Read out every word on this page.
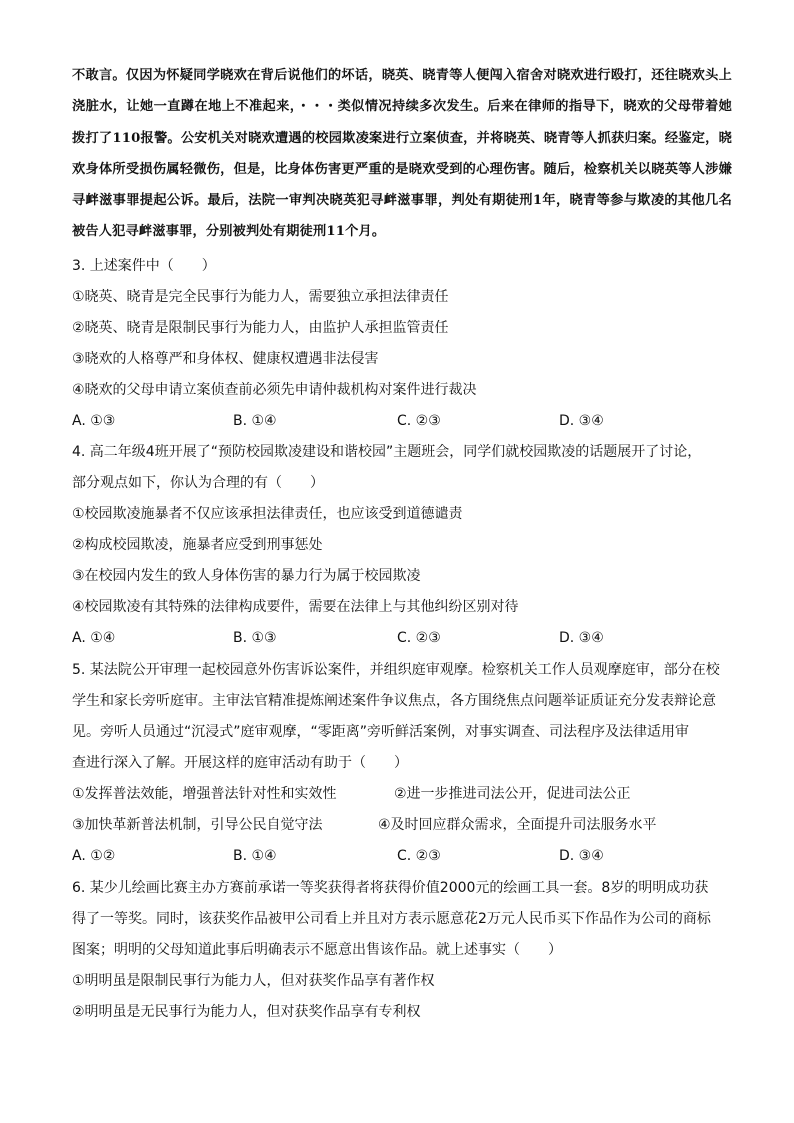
不敢言。仅因为怀疑同学晓欢在背后说他们的坏话，晓英、晓青等人便闯入宿舍对晓欢进行殴打，还往晓欢头上浇脏水，让她一直蹲在地上不准起来，・・・类似情况持续多次发生。后来在律师的指导下，晓欢的父母带着她拨打了110报警。公安机关对晓欢遭遇的校园欺凌案进行立案侦查，并将晓英、晓青等人抓获归案。经鉴定，晓欢身体所受损伤属轻微伤，但是，比身体伤害更严重的是晓欢受到的心理伤害。随后，检察机关以晓英等人涉嫌寻衅滋事罪提起公诉。最后，法院一审判决晓英犯寻衅滋事罪，判处有期徒刑1年，晓青等参与欺凌的其他几名被告人犯寻衅滋事罪，分别被判处有期徒刑11个月。

3. 上述案件中（　　）
①晓英、晓青是完全民事行为能力人，需要独立承担法律责任
②晓英、晓青是限制民事行为能力人，由监护人承担监管责任
③晓欢的人格尊严和身体权、健康权遭遇非法侵害
④晓欢的父母申请立案侦查前必须先申请仲裁机构对案件进行裁决
A. ①③	B. ①④	C. ②③	D. ③④
4. 高二年级4班开展了“预防校园欺凌建设和谐校园”主题班会，同学们就校园欺凌的话题展开了讨论，
部分观点如下，你认为合理的有（　　）
①校园欺凌施暴者不仅应该承担法律责任，也应该受到道德谴责
②构成校园欺凌，施暴者应受到刑事惩处
③在校园内发生的致人身体伤害的暴力行为属于校园欺凌
④校园欺凌有其特殊的法律构成要件，需要在法律上与其他纠纷区别对待
A. ①④	B. ①③	C. ②③	D. ③④
5. 某法院公开审理一起校园意外伤害诉讼案件，并组织庭审观摩。检察机关工作人员观摩庭审，部分在校
学生和家长旁听庭审。主审法官精准提炼阐述案件争议焦点，各方围绕焦点问题举证质证充分发表辩论意
见。旁听人员通过“沉浸式”庭审观摩，“零距离”旁听鲜活案例，对事实调查、司法程序及法律适用审
查进行深入了解。开展这样的庭审活动有助于（　　）
①发挥普法效能，增强普法针对性和实效性	②进一步推进司法公开，促进司法公正
③加快革新普法机制，引导公民自觉守法	④及时回应群众需求，全面提升司法服务水平
A. ①②	B. ①④	C. ②③	D. ③④
6. 某少儿绘画比赛主办方赛前承诺一等奖获得者将获得价值2000元的绘画工具一套。8岁的明明成功获
得了一等奖。同时，该获奖作品被甲公司看上并且对方表示愿意花2万元人民币买下作品作为公司的商标
图案；明明的父母知道此事后明确表示不愿意出售该作品。就上述事实（　　）
①明明虽是限制民事行为能力人，但对获奖作品享有著作权
②明明虽是无民事行为能力人，但对获奖作品享有专利权
